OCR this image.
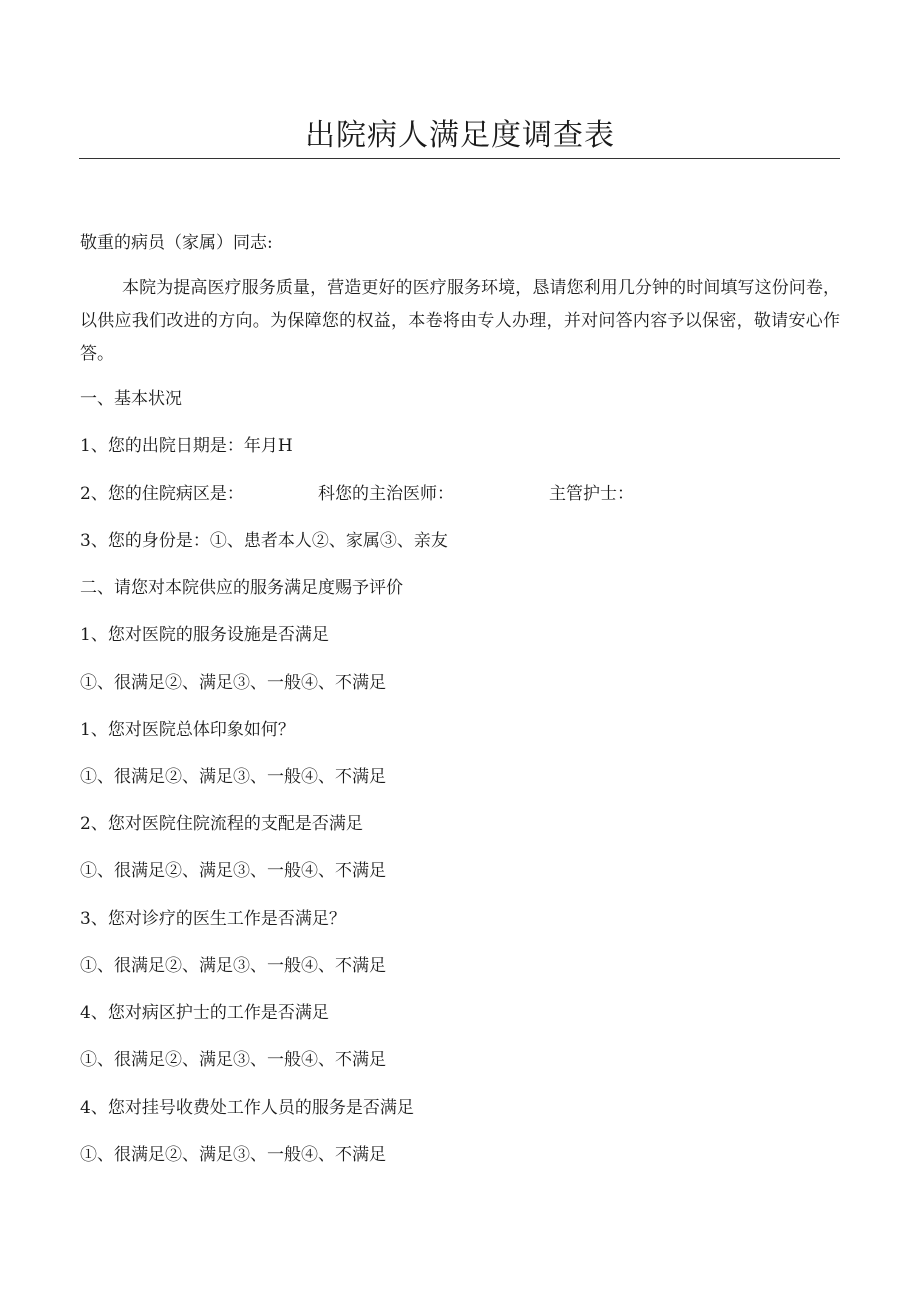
出院病人满足度调查表
敬重的病员（家属）同志:
本院为提高医疗服务质量，营造更好的医疗服务环境，恳请您利用几分钟的时间填写这份问卷，以供应我们改进的方向。为保障您的权益，本卷将由专人办理，并对问答内容予以保密，敬请安心作答。
一、基本状况
1、您的出院日期是：年月H
2、您的住院病区是：	科您的主治医师：	主管护士：
3、您的身份是：①、患者本人②、家属③、亲友
二、请您对本院供应的服务满足度赐予评价
1、您对医院的服务设施是否满足
①、很满足②、满足③、一般④、不满足
1、您对医院总体印象如何？
①、很满足②、满足③、一般④、不满足
2、您对医院住院流程的支配是否满足
①、很满足②、满足③、一般④、不满足
3、您对诊疗的医生工作是否满足？
①、很满足②、满足③、一般④、不满足
4、您对病区护士的工作是否满足
①、很满足②、满足③、一般④、不满足
4、您对挂号收费处工作人员的服务是否满足
①、很满足②、满足③、一般④、不满足
